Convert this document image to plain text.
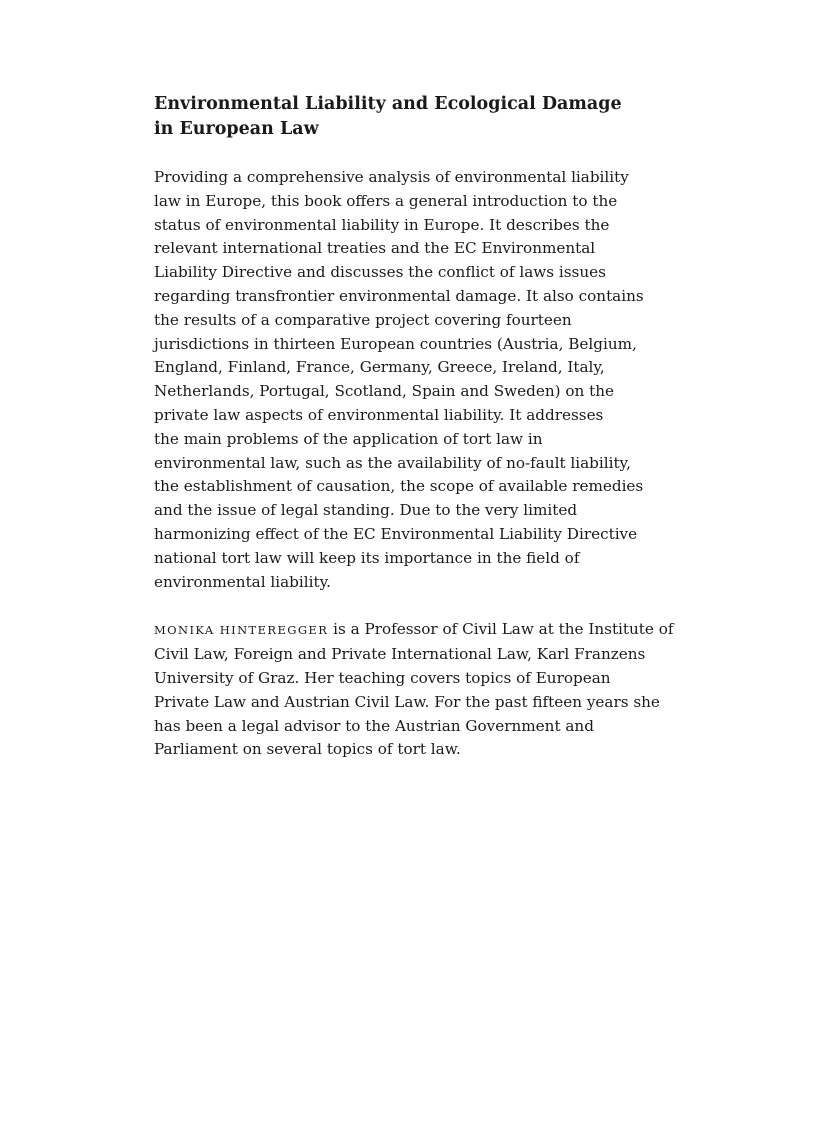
Environmental Liability and Ecological Damage
in European Law

Providing a comprehensive analysis of environmental liability
law in Europe, this book offers a general introduction to the
status of environmental liability in Europe. It describes the
relevant international treaties and the EC Environmental
Liability Directive and discusses the conflict of laws issues
regarding transfrontier environmental damage. It also contains
the results of a comparative project covering fourteen
jurisdictions in thirteen European countries (Austria, Belgium,
England, Finland, France, Germany, Greece, Ireland, Italy,
Netherlands, Portugal, Scotland, Spain and Sweden) on the
private law aspects of environmental liability. It addresses
the main problems of the application of tort law in
environmental law, such as the availability of no-fault liability,
the establishment of causation, the scope of available remedies
and the issue of legal standing. Due to the very limited
harmonizing effect of the EC Environmental Liability Directive
national tort law will keep its importance in the field of
environmental liability.

MONIKA HINTEREGGER is a Professor of Civil Law at the Institute of
Civil Law, Foreign and Private International Law, Karl Franzens
University of Graz. Her teaching covers topics of European
Private Law and Austrian Civil Law. For the past fifteen years she
has been a legal advisor to the Austrian Government and
Parliament on several topics of tort law.
